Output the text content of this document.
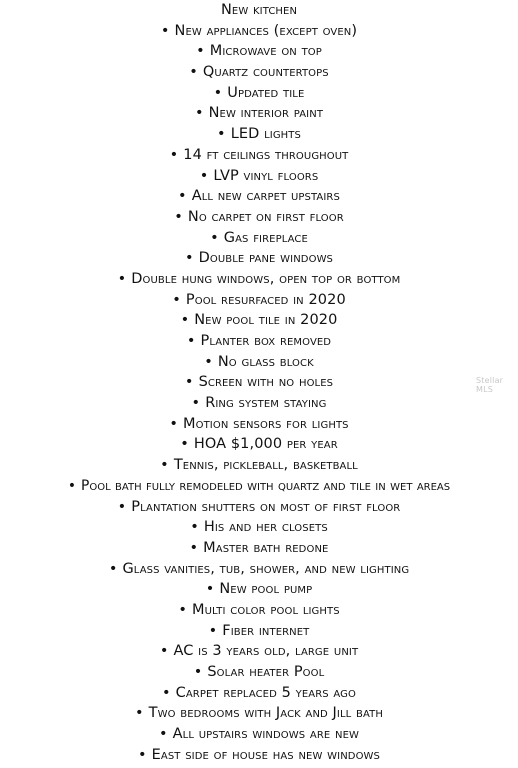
New kitchen
• New appliances (except oven)
• Microwave on top
• Quartz countertops
• Updated tile
• New interior paint
• LED lights
• 14 ft ceilings throughout
• LVP vinyl floors
• All new carpet upstairs
• No carpet on first floor
• Gas fireplace
• Double pane windows
• Double hung windows, open top or bottom
• Pool resurfaced in 2020
• New pool tile in 2020
• Planter box removed
• No glass block
• Screen with no holes
• Ring system staying
• Motion sensors for lights
• HOA $1,000 per year
• Tennis, pickleball, basketball
• Pool bath fully remodeled with quartz and tile in wet areas
• Plantation shutters on most of first floor
• His and her closets
• Master bath redone
• Glass vanities, tub, shower, and new lighting
• New pool pump
• Multi color pool lights
• Fiber internet
• AC is 3 years old, large unit
• Solar heater Pool
• Carpet replaced 5 years ago
• Two bedrooms with Jack and Jill bath
• All upstairs windows are new
• East side of house has new windows
Stellar MLS
